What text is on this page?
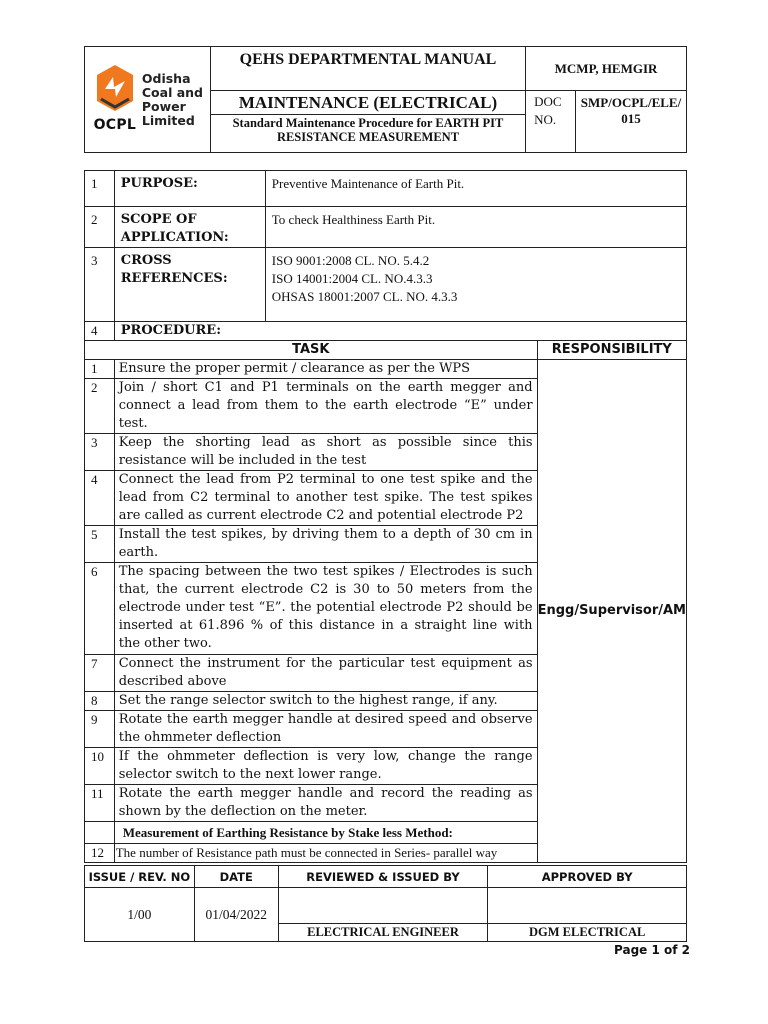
OCPL
Odisha
Coal and
Power
Limited	QEHS DEPARTMENTAL MANUAL	MCMP, HEMGIR	
	MAINTENANCE (ELECTRICAL)	DOC
NO.	SMP/OCPL/ELE/ 015
	Standard Maintenance Procedure for EARTH PIT RESISTANCE MEASUREMENT		
1	PURPOSE:	Preventive Maintenance of Earth Pit.	
2	SCOPE OF APPLICATION:	To check Healthiness Earth Pit.	
3	CROSS REFERENCES:	ISO 9001:2008 CL. NO. 5.4.2
ISO 14001:2004 CL. NO.4.3.3
OHSAS 18001:2007 CL. NO. 4.3.3	

4	PROCEDURE:		
TASK			RESPONSIBILITY
1	Ensure the proper permit / clearance as per the WPS		Engg/Supervisor/AM
2	Join / short C1 and P1 terminals on the earth megger and connect a lead from them to the earth electrode “E” under test.		
3	Keep the shorting lead as short as possible since this resistance will be included in the test		
4	Connect the lead from P2 terminal to one test spike and the lead from C2 terminal to another test spike. The test spikes are called as current electrode C2 and potential electrode P2		
5	Install the test spikes, by driving them to a depth of 30 cm in earth.		
6	The spacing between the two test spikes / Electrodes is such that, the current electrode C2 is 30 to 50 meters from the electrode under test “E”. the potential electrode P2 should be inserted at 61.896 % of this distance in a straight line with the other two.		
7	Connect the instrument for the particular test equipment as described above		
8	Set the range selector switch to the highest range, if any.		
9	Rotate the earth megger handle at desired speed and observe the ohmmeter deflection		
10	If the ohmmeter deflection is very low, change the range selector switch to the next lower range.		
11	Rotate the earth megger handle and record the reading as shown by the deflection on the meter.		
	Measurement of Earthing Resistance by Stake less Method:		
12	The number of Resistance path must be connected in Series- parallel way		
ISSUE / REV. NO	DATE	REVIEWED & ISSUED BY	APPROVED BY
1/00	01/04/2022		
		ELECTRICAL ENGINEER	DGM ELECTRICAL
Page 1 of 2
